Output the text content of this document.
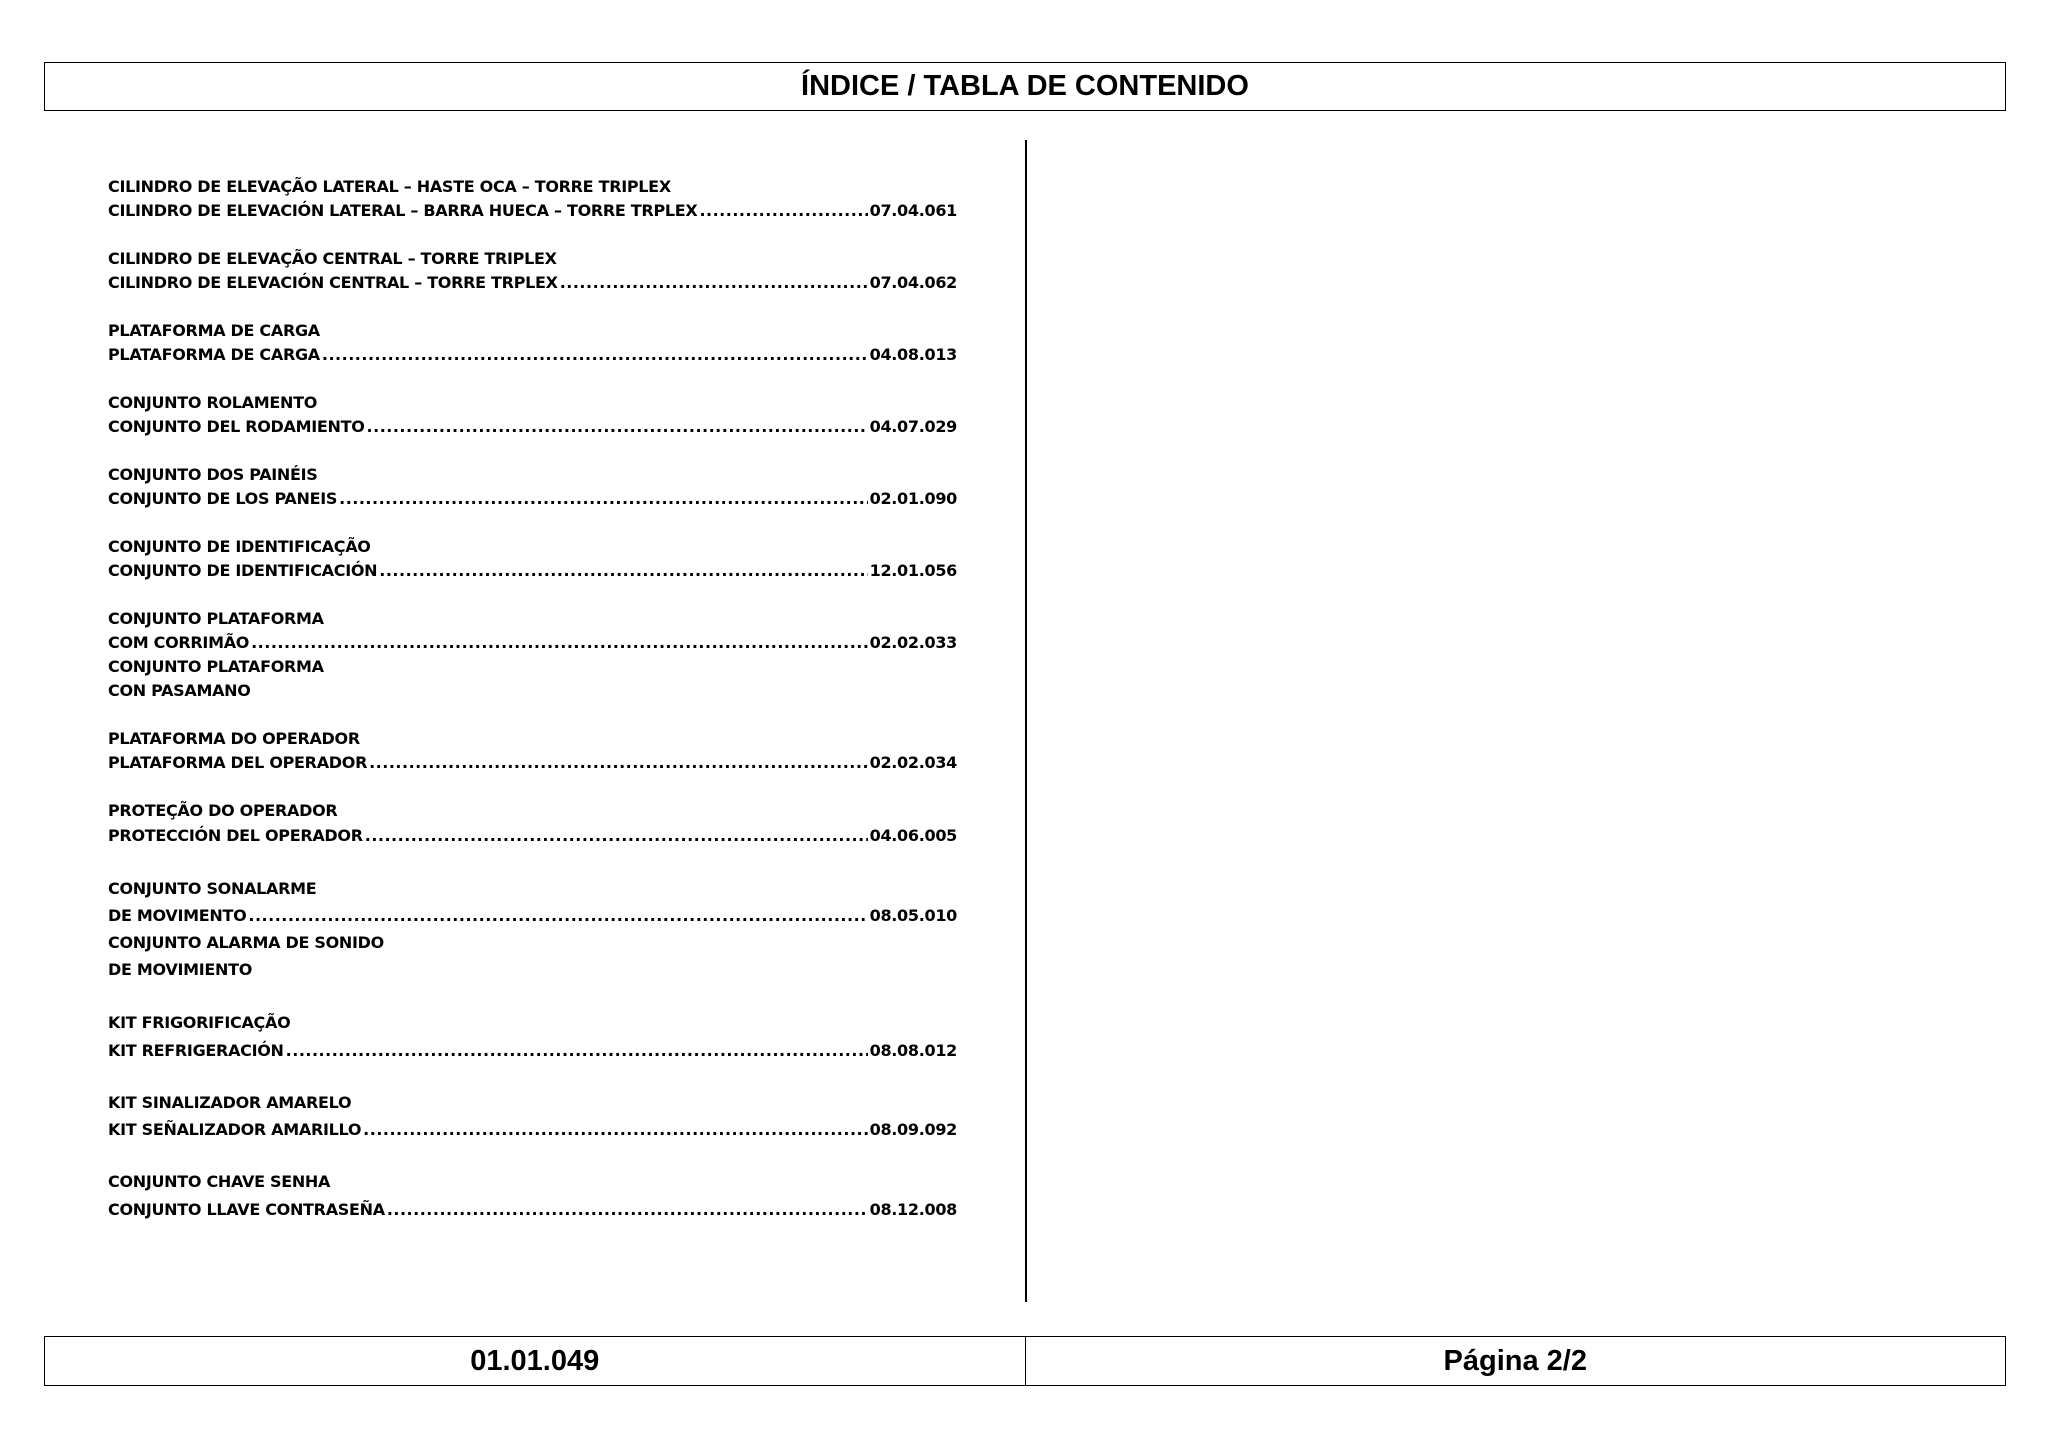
ÍNDICE / TABLA DE CONTENIDO
CILINDRO DE ELEVAÇÃO LATERAL – HASTE OCA – TORRE TRIPLEX
CILINDRO DE ELEVACIÓN LATERAL – BARRA HUECA – TORRE TRPLEX .....	07.04.061
CILINDRO DE ELEVAÇÃO CENTRAL – TORRE TRIPLEX
CILINDRO DE ELEVACIÓN CENTRAL – TORRE TRPLEX .....	07.04.062
PLATAFORMA DE CARGA
PLATAFORMA DE CARGA .....	04.08.013
CONJUNTO ROLAMENTO
CONJUNTO DEL RODAMIENTO .....	04.07.029
CONJUNTO DOS PAINÉIS
CONJUNTO DE LOS PANEIS .....	02.01.090
CONJUNTO DE IDENTIFICAÇÃO
CONJUNTO DE IDENTIFICACIÓN .....	12.01.056
CONJUNTO PLATAFORMA
COM CORRIMÃO .....	02.02.033
CONJUNTO PLATAFORMA
CON PASAMANO
PLATAFORMA DO OPERADOR
PLATAFORMA DEL OPERADOR .....	02.02.034
PROTEÇÃO DO OPERADOR
PROTECCIÓN DEL OPERADOR .....	04.06.005
CONJUNTO SONALARME
DE MOVIMENTO .....	08.05.010
CONJUNTO ALARMA DE SONIDO
DE MOVIMIENTO
KIT FRIGORIFICAÇÃO
KIT REFRIGERACIÓN .....	08.08.012
KIT SINALIZADOR AMARELO
KIT SEÑALIZADOR AMARILLO .....	08.09.092
CONJUNTO CHAVE SENHA
CONJUNTO LLAVE CONTRASEÑA .....	08.12.008
01.01.049	Página 2/2
